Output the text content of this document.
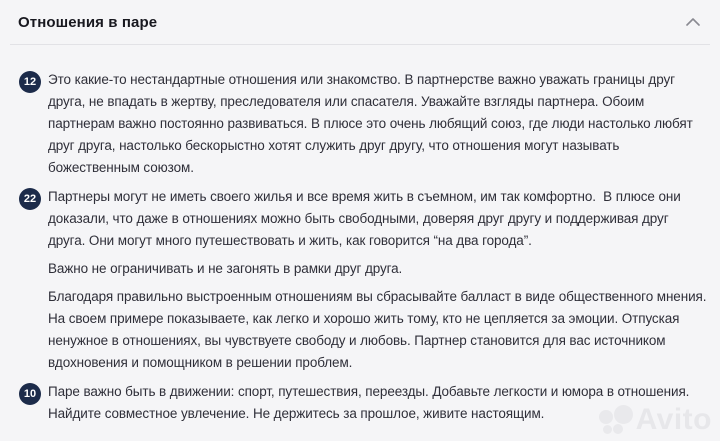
Отношения в паре
12 Это какие-то нестандартные отношения или знакомство. В партнерстве важно уважать границы друг друга, не впадать в жертву, преследователя или спасателя. Уважайте взгляды партнера. Обоим партнерам важно постоянно развиваться. В плюсе это очень любящий союз, где люди настолько любят друг друга, настолько бескорыстно хотят служить друг другу, что отношения могут называть божественным союзом.

22 Партнеры могут не иметь своего жилья и все время жить в съемном, им так комфортно.  В плюсе они доказали, что даже в отношениях можно быть свободными, доверяя друг другу и поддерживая друг друга. Они могут много путешествовать и жить, как говорится “на два города”.

Важно не ограничивать и не загонять в рамки друг друга.

Благодаря правильно выстроенным отношениям вы сбрасывайте балласт в виде общественного мнения. На своем примере показываете, как легко и хорошо жить тому, кто не цепляется за эмоции. Отпуская ненужное в отношениях, вы чувствуете свободу и любовь. Партнер становится для вас источником вдохновения и помощником в решении проблем.

10 Паре важно быть в движении: спорт, путешествия, переезды. Добавьте легкости и юмора в отношения. Найдите совместное увлечение. Не держитесь за прошлое, живите настоящим.	Avito
